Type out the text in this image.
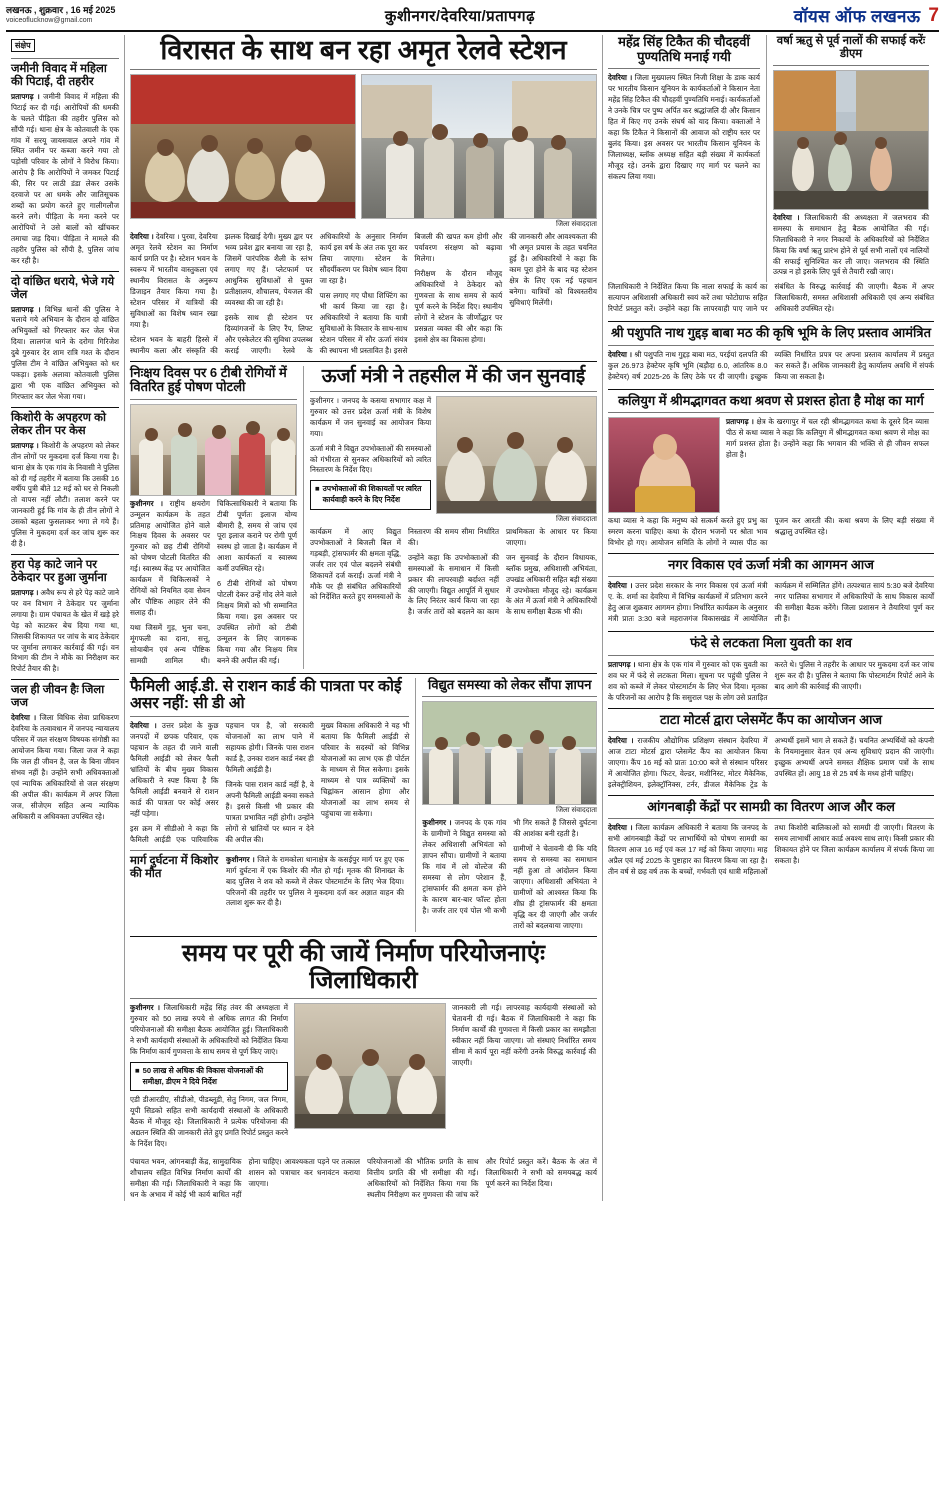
लखनऊ , शुक्रवार , 16 मई 2025
voiceoflucknow@gmail.com	कुशीनगर/देवरिया/प्रतापगढ़	वॉयस ऑफ लखनऊ 7
संक्षेप
जमीनी विवाद में महिला की पिटाई, दी तहरीर

प्रतापगढ़ । जमीनी विवाद में महिला की पिटाई कर दी गई। आरोपियों की धमकी के चलते पीड़िता की तहरीर पुलिस को सौंपी गई। थाना क्षेत्र के कोतवाली के एक गांव में सरयू जायसवाल अपने गांव में स्थित जमीन पर कब्जा करने गया तो पड़ोसी परिवार के लोगों ने विरोध किया। आरोप है कि आरोपियों ने जमकर पिटाई की, सिर पर लाठी डंडा लेकर उसके दरवाजे पर आ धमके और जातिसूचक शब्दों का प्रयोग करते हुए गालीगलौज करने लगे। पीड़िता के मना करने पर आरोपियों ने उसे बालों को खींचकर तमाचा जड़ दिया। पीड़िता ने मामले की तहरीर पुलिस को सौंपी है, पुलिस जांच कर रही है।

दो वांछित धराये, भेजे गये जेल

प्रतापगढ़ । विभिन्न थानों की पुलिस ने चलाये गये अभियान के दौरान दो वांछित अभियुक्तों को गिरफ्तार कर जेल भेज दिया। लालगंज थाने के दरोगा गिरिजेश दुबे गुरुवार देर शाम रात्रि गश्त के दौरान पुलिस टीम ने वांछित अभियुक्त को धर पकड़ा। इसके अलावा कोतवाली पुलिस द्वारा भी एक वांछित अभियुक्त को गिरफ्तार कर जेल भेजा गया।

किशोरी के अपहरण को लेकर तीन पर केस

प्रतापगढ़ । किशोरी के अपहरण को लेकर तीन लोगों पर मुकदमा दर्ज किया गया है। थाना क्षेत्र के एक गांव के निवासी ने पुलिस को दी गई तहरीर में बताया कि उसकी 16 वर्षीय पुत्री बीते 12 मई को घर से निकली तो वापस नहीं लौटी। तलाश करने पर जानकारी हुई कि गांव के ही तीन लोगों ने उसको बहला फुसलाकर भगा ले गये हैं। पुलिस ने मुकदमा दर्ज कर जांच शुरू कर दी है।

हरा पेड़ काटे जाने पर ठेकेदार पर हुआ जुर्माना

प्रतापगढ़ । अवैध रूप से हरे पेड़ काटे जाने पर वन विभाग ने ठेकेदार पर जुर्माना लगाया है। ग्राम पंचायत के खेत में खड़े हरे पेड़ को काटकर बेच दिया गया था, जिसकी शिकायत पर जांच के बाद ठेकेदार पर जुर्माना लगाकर कार्रवाई की गई। वन विभाग की टीम ने मौके का निरीक्षण कर रिपोर्ट तैयार की है।

जल ही जीवन हैः जिला जज

देवरिया । जिला विधिक सेवा प्राधिकरण देवरिया के तत्वावधान में जनपद न्यायालय परिसर में जल संरक्षण विषयक संगोष्ठी का आयोजन किया गया। जिला जज ने कहा कि जल ही जीवन है, जल के बिना जीवन संभव नहीं है। उन्होंने सभी अधिवक्ताओं एवं न्यायिक अधिकारियों से जल संरक्षण की अपील की। कार्यक्रम में अपर जिला जज, सीजेएम सहित अन्य न्यायिक अधिकारी व अधिवक्ता उपस्थित रहे।

विरासत के साथ बन रहा अमृत रेलवे स्टेशन
जिला संवाददाता

देवरिया । देवरिया । पुरवा, देवरिया अमृत रेलवे स्टेशन का निर्माण कार्य प्रगति पर है। स्टेशन भवन के स्वरूप में भारतीय वास्तुकला एवं स्थानीय विरासत के अनुरूप डिजाइन तैयार किया गया है। स्टेशन परिसर में यात्रियों की सुविधाओं का विशेष ध्यान रखा गया है।

स्टेशन भवन के बाहरी हिस्से में स्थानीय कला और संस्कृति की झलक दिखाई देगी। मुख्य द्वार पर भव्य प्रवेश द्वार बनाया जा रहा है, जिसमें पारंपरिक शैली के स्तंभ लगाए गए हैं। प्लेटफार्म पर आधुनिक सुविधाओं से युक्त प्रतीक्षालय, शौचालय, पेयजल की व्यवस्था की जा रही है।

इसके साथ ही स्टेशन पर दिव्यांगजनों के लिए रैंप, लिफ्ट और एस्केलेटर की सुविधा उपलब्ध कराई जाएगी। रेलवे के अधिकारियों के अनुसार निर्माण कार्य इस वर्ष के अंत तक पूरा कर लिया जाएगा। स्टेशन के सौंदर्यीकरण पर विशेष ध्यान दिया जा रहा है।

पास लगाए गए पौधा शिफ्टिंग का भी कार्य किया जा रहा है। अधिकारियों ने बताया कि यात्री सुविधाओं के विस्तार के साथ-साथ स्टेशन परिसर में सौर ऊर्जा संयंत्र की स्थापना भी प्रस्तावित है। इससे बिजली की खपत कम होगी और पर्यावरण संरक्षण को बढ़ावा मिलेगा।

निरीक्षण के दौरान मौजूद अधिकारियों ने ठेकेदार को गुणवत्ता के साथ समय से कार्य पूर्ण करने के निर्देश दिए। स्थानीय लोगों ने स्टेशन के जीर्णोद्धार पर प्रसन्नता व्यक्त की और कहा कि इससे क्षेत्र का विकास होगा।

की जानकारी और आवश्यकता की भी अमृत प्रयास के तहत चयनित हुई है। अधिकारियों ने कहा कि काम पूरा होने के बाद यह स्टेशन क्षेत्र के लिए एक नई पहचान बनेगा। यात्रियों को विश्वस्तरीय सुविधाएं मिलेंगी।

निःक्षय दिवस पर 6 टीबी रोगियों में वितरित हुई पोषण पोटली

कुशीनगर । राष्ट्रीय क्षयरोग उन्मूलन कार्यक्रम के तहत प्रतिमाह आयोजित होने वाले निःक्षय दिवस के अवसर पर गुरुवार को छह टीबी रोगियों को पोषण पोटली वितरित की गई। स्वास्थ्य केंद्र पर आयोजित कार्यक्रम में चिकित्सकों ने रोगियों को नियमित दवा सेवन और पौष्टिक आहार लेने की सलाह दी।

यथा जिसमें गुड़, भुना चना, मूंगफली का दाना, सत्तू, सोयाबीन एवं अन्य पौष्टिक सामग्री शामिल थी। चिकित्साधिकारी ने बताया कि टीबी पूर्णतः इलाज योग्य बीमारी है, समय से जांच एवं पूरा इलाज कराने पर रोगी पूर्ण स्वस्थ हो जाता है। कार्यक्रम में आशा कार्यकर्ता व स्वास्थ्य कर्मी उपस्थित रहे।

6 टीबी रोगियों को पोषण पोटली देकर उन्हें गोद लेने वाले निःक्षय मित्रों को भी सम्मानित किया गया। इस अवसर पर उपस्थित लोगों को टीबी उन्मूलन के लिए जागरूक किया गया और निःक्षय मित्र बनने की अपील की गई।

ऊर्जा मंत्री ने तहसील में की जन सुनवाई

कुशीनगर । जनपद के कसया सभागार कक्ष में गुरुवार को उत्तर प्रदेश ऊर्जा मंत्री के विशेष कार्यक्रम में जन सुनवाई का आयोजन किया गया।

ऊर्जा मंत्री ने विद्युत उपभोक्ताओं की समस्याओं को गंभीरता से सुनकर अधिकारियों को त्वरित निस्तारण के निर्देश दिए।

■ उपभोक्ताओं की शिकायतों पर त्वरित कार्यवाही करने के दिए निर्देश
जिला संवाददाता

कार्यक्रम में आए विद्युत उपभोक्ताओं ने बिजली बिल में गड़बड़ी, ट्रांसफार्मर की क्षमता वृद्धि, जर्जर तार एवं पोल बदलने संबंधी शिकायतें दर्ज कराईं। ऊर्जा मंत्री ने मौके पर ही संबंधित अधिकारियों को निर्देशित करते हुए समस्याओं के निस्तारण की समय सीमा निर्धारित की।

उन्होंने कहा कि उपभोक्ताओं की समस्याओं के समाधान में किसी प्रकार की लापरवाही बर्दाश्त नहीं की जाएगी। विद्युत आपूर्ति में सुधार के लिए निरंतर कार्य किया जा रहा है। जर्जर तारों को बदलने का काम प्राथमिकता के आधार पर किया जाएगा।

जन सुनवाई के दौरान विधायक, ब्लॉक प्रमुख, अधिशासी अभियंता, उपखंड अधिकारी सहित बड़ी संख्या में उपभोक्ता मौजूद रहे। कार्यक्रम के अंत में ऊर्जा मंत्री ने अधिकारियों के साथ समीक्षा बैठक भी की।

फैमिली आई.डी. से राशन कार्ड की पात्रता पर कोई असर नहीं: सी डी ओ

देवरिया । उत्तर प्रदेश के कुछ जनपदों में छपक परिवार, एक पहचान के तहत दी जाने वाली फैमिली आईडी को लेकर फैली भ्रांतियों के बीच मुख्य विकास अधिकारी ने स्पष्ट किया है कि फैमिली आईडी बनवाने से राशन कार्ड की पात्रता पर कोई असर नहीं पड़ेगा।

इस क्रम में सीडीओ ने कहा कि फैमिली आईडी एक पारिवारिक पहचान पत्र है, जो सरकारी योजनाओं का लाभ पाने में सहायक होगी। जिनके पास राशन कार्ड है, उनका राशन कार्ड नंबर ही फैमिली आईडी है।

जिनके पास राशन कार्ड नहीं है, वे अपनी फैमिली आईडी बनवा सकते हैं। इससे किसी भी प्रकार की पात्रता प्रभावित नहीं होगी। उन्होंने लोगों से भ्रांतियों पर ध्यान न देने की अपील की।

मुख्य विकास अधिकारी ने यह भी बताया कि फैमिली आईडी से परिवार के सदस्यों को विभिन्न योजनाओं का लाभ एक ही पोर्टल के माध्यम से मिल सकेगा। इसके माध्यम से पात्र व्यक्तियों का चिह्नांकन आसान होगा और योजनाओं का लाभ समय से पहुंचाया जा सकेगा।

मार्ग दुर्घटना में किशोर की मौत

कुशीनगर । जिले के रामकोला थानाक्षेत्र के कसईपुर मार्ग पर हुए एक मार्ग दुर्घटना में एक किशोर की मौत हो गई। मृतक की शिनाख्त के बाद पुलिस ने शव को कब्जे में लेकर पोस्टमार्टम के लिए भेज दिया। परिजनों की तहरीर पर पुलिस ने मुकदमा दर्ज कर अज्ञात वाहन की तलाश शुरू कर दी है।

विद्युत समस्या को लेकर सौंपा ज्ञापन
जिला संवाददाता

कुशीनगर । जनपद के एक गांव के ग्रामीणों ने विद्युत समस्या को लेकर अधिशासी अभियंता को ज्ञापन सौंपा। ग्रामीणों ने बताया कि गांव में लो वोल्टेज की समस्या से लोग परेशान हैं, ट्रांसफार्मर की क्षमता कम होने के कारण बार-बार फॉल्ट होता है। जर्जर तार एवं पोल भी कभी भी गिर सकते हैं जिससे दुर्घटना की आशंका बनी रहती है।

ग्रामीणों ने चेतावनी दी कि यदि समय से समस्या का समाधान नहीं हुआ तो आंदोलन किया जाएगा। अधिशासी अभियंता ने ग्रामीणों को आश्वस्त किया कि शीघ्र ही ट्रांसफार्मर की क्षमता वृद्धि कर दी जाएगी और जर्जर तारों को बदलवाया जाएगा।

समय पर पूरी की जायें निर्माण परियोजनाएंः जिलाधिकारी

कुशीनगर । जिलाधिकारी महेंद्र सिंह तंवर की अध्यक्षता में गुरुवार को 50 लाख रुपये से अधिक लागत की निर्माण परियोजनाओं की समीक्षा बैठक आयोजित हुई। जिलाधिकारी ने सभी कार्यदायी संस्थाओं के अधिकारियों को निर्देशित किया कि निर्माण कार्य गुणवत्ता के साथ समय से पूर्ण किए जाएं।

■ 50 लाख से अधिक की विकास योजनाओं की समीक्षा, डीएम ने दिये निर्देश

एडी डीआरडीए, सीडीओ, पीडब्लूडी, सेतु निगम, जल निगम, यूपी सिडको सहित सभी कार्यदायी संस्थाओं के अधिकारी बैठक में मौजूद रहे। जिलाधिकारी ने प्रत्येक परियोजना की अद्यतन स्थिति की जानकारी लेते हुए प्रगति रिपोर्ट प्रस्तुत करने के निर्देश दिए।

जानकारी ली गई। लापरवाह कार्यदायी संस्थाओं को चेतावनी दी गई। बैठक में जिलाधिकारी ने कहा कि निर्माण कार्यों की गुणवत्ता में किसी प्रकार का समझौता स्वीकार नहीं किया जाएगा। जो संस्थाएं निर्धारित समय सीमा में कार्य पूरा नहीं करेंगी उनके विरुद्ध कार्रवाई की जाएगी।

पंचायत भवन, आंगनबाड़ी केंद्र, सामुदायिक शौचालय सहित विभिन्न निर्माण कार्यों की समीक्षा की गई। जिलाधिकारी ने कहा कि धन के अभाव में कोई भी कार्य बाधित नहीं होना चाहिए। आवश्यकता पड़ने पर तत्काल शासन को पत्राचार कर धनावंटन कराया जाएगा।

परियोजनाओं की भौतिक प्रगति के साथ वित्तीय प्रगति की भी समीक्षा की गई। अधिकारियों को निर्देशित किया गया कि स्थलीय निरीक्षण कर गुणवत्ता की जांच करें और रिपोर्ट प्रस्तुत करें। बैठक के अंत में जिलाधिकारी ने सभी को समयबद्ध कार्य पूर्ण करने का निर्देश दिया।

महेंद्र सिंह टिकैत की चौदहवीं पुण्यतिथि मनाई गयी

देवरिया । जिला मुख्यालय स्थित निजी शिक्षा के डाक कार्य पर भारतीय किसान यूनियन के कार्यकर्ताओं ने किसान नेता महेंद्र सिंह टिकैत की चौदहवीं पुण्यतिथि मनाई। कार्यकर्ताओं ने उनके चित्र पर पुष्प अर्पित कर श्रद्धांजलि दी और किसान हित में किए गए उनके संघर्ष को याद किया। वक्ताओं ने कहा कि टिकैत ने किसानों की आवाज को राष्ट्रीय स्तर पर बुलंद किया। इस अवसर पर भारतीय किसान यूनियन के जिलाध्यक्ष, ब्लॉक अध्यक्ष सहित बड़ी संख्या में कार्यकर्ता मौजूद रहे। उनके द्वारा दिखाए गए मार्ग पर चलने का संकल्प लिया गया।

वर्षा ऋतु से पूर्व नालों की सफाई करेंः डीएम

देवरिया । जिलाधिकारी की अध्यक्षता में जलभराव की समस्या के समाधान हेतु बैठक आयोजित की गई। जिलाधिकारी ने नगर निकायों के अधिकारियों को निर्देशित किया कि वर्षा ऋतु प्रारंभ होने से पूर्व सभी नालों एवं नालियों की सफाई सुनिश्चित कर ली जाए। जलभराव की स्थिति उत्पन्न न हो इसके लिए पूर्व से तैयारी रखी जाए।

जिलाधिकारी ने निर्देशित किया कि नाला सफाई के कार्य का सत्यापन अधिशासी अधिकारी स्वयं करें तथा फोटोग्राफ सहित रिपोर्ट प्रस्तुत करें। उन्होंने कहा कि लापरवाही पाए जाने पर संबंधित के विरुद्ध कार्रवाई की जाएगी। बैठक में अपर जिलाधिकारी, समस्त अधिशासी अधिकारी एवं अन्य संबंधित अधिकारी उपस्थित रहे।

श्री पशुपति नाथ गुद्दड़ बाबा मठ की कृषि भूमि के लिए प्रस्ताव आमंत्रित

देवरिया । श्री पशुपति नाथ गुद्दड़ बाबा मठ, परईयां दलपति की कुल 26.973 हेक्टेयर कृषि भूमि (बड़ौदा 6.0, आंतरिक 8.0 हेक्टेयर) वर्ष 2025-26 के लिए ठेके पर दी जाएगी। इच्छुक व्यक्ति निर्धारित प्रपत्र पर अपना प्रस्ताव कार्यालय में प्रस्तुत कर सकते हैं। अधिक जानकारी हेतु कार्यालय अवधि में संपर्क किया जा सकता है।

कलियुग में श्रीमद्भागवत कथा श्रवण से प्रशस्त होता है मोक्ष का मार्ग

प्रतापगढ़ । क्षेत्र के खरगापुर में चल रही श्रीमद्भागवत कथा के दूसरे दिन व्यास पीठ से कथा व्यास ने कहा कि कलियुग में श्रीमद्भागवत कथा श्रवण से मोक्ष का मार्ग प्रशस्त होता है। उन्होंने कहा कि भगवान की भक्ति से ही जीवन सफल होता है।

कथा व्यास ने कहा कि मनुष्य को सत्कर्म करते हुए प्रभु का स्मरण करना चाहिए। कथा के दौरान भजनों पर श्रोता भाव विभोर हो गए। आयोजन समिति के लोगों ने व्यास पीठ का पूजन कर आरती की। कथा श्रवण के लिए बड़ी संख्या में श्रद्धालु उपस्थित रहे।

नगर विकास एवं ऊर्जा मंत्री का आगमन आज

देवरिया । उत्तर प्रदेश सरकार के नगर विकास एवं ऊर्जा मंत्री ए. के. शर्मा का देवरिया में विभिन्न कार्यक्रमों में प्रतिभाग करने हेतु आज शुक्रवार आगमन होगा। निर्धारित कार्यक्रम के अनुसार मंत्री प्रातः 3:30 बजे महराजगंज विकासखंड में आयोजित कार्यक्रम में सम्मिलित होंगे। तत्पश्चात सायं 5:30 बजे देवरिया नगर पालिका सभागार में अधिकारियों के साथ विकास कार्यों की समीक्षा बैठक करेंगे। जिला प्रशासन ने तैयारियां पूर्ण कर ली हैं।

फंदे से लटकता मिला युवती का शव

प्रतापगढ़ । थाना क्षेत्र के एक गांव में गुरुवार को एक युवती का शव घर में फंदे से लटकता मिला। सूचना पर पहुंची पुलिस ने शव को कब्जे में लेकर पोस्टमार्टम के लिए भेज दिया। मृतका के परिजनों का आरोप है कि ससुराल पक्ष के लोग उसे प्रताड़ित करते थे। पुलिस ने तहरीर के आधार पर मुकदमा दर्ज कर जांच शुरू कर दी है। पुलिस ने बताया कि पोस्टमार्टम रिपोर्ट आने के बाद आगे की कार्रवाई की जाएगी।

टाटा मोटर्स द्वारा प्लेसमेंट कैंप का आयोजन आज

देवरिया । राजकीय औद्योगिक प्रशिक्षण संस्थान देवरिया में आज टाटा मोटर्स द्वारा प्लेसमेंट कैंप का आयोजन किया जाएगा। कैंप 16 मई को प्रातः 10:00 बजे से संस्थान परिसर में आयोजित होगा। फिटर, वेल्डर, मशीनिस्ट, मोटर मैकेनिक, इलेक्ट्रीशियन, इलेक्ट्रॉनिक्स, टर्नर, डीजल मैकेनिक ट्रेड के अभ्यर्थी इसमें भाग ले सकते हैं। चयनित अभ्यर्थियों को कंपनी के नियमानुसार वेतन एवं अन्य सुविधाएं प्रदान की जाएंगी। इच्छुक अभ्यर्थी अपने समस्त शैक्षिक प्रमाण पत्रों के साथ उपस्थित हों। आयु 18 से 25 वर्ष के मध्य होनी चाहिए।

आंगनबाड़ी केंद्रों पर सामग्री का वितरण आज और कल

देवरिया । जिला कार्यक्रम अधिकारी ने बताया कि जनपद के सभी आंगनबाड़ी केंद्रों पर लाभार्थियों को पोषण सामग्री का वितरण आज 16 मई एवं कल 17 मई को किया जाएगा। माह अप्रैल एवं मई 2025 के पुष्टाहार का वितरण किया जा रहा है। तीन वर्ष से छह वर्ष तक के बच्चों, गर्भवती एवं धात्री महिलाओं तथा किशोरी बालिकाओं को सामग्री दी जाएगी। वितरण के समय लाभार्थी आधार कार्ड अवश्य साथ लाएं। किसी प्रकार की शिकायत होने पर जिला कार्यक्रम कार्यालय में संपर्क किया जा सकता है।
